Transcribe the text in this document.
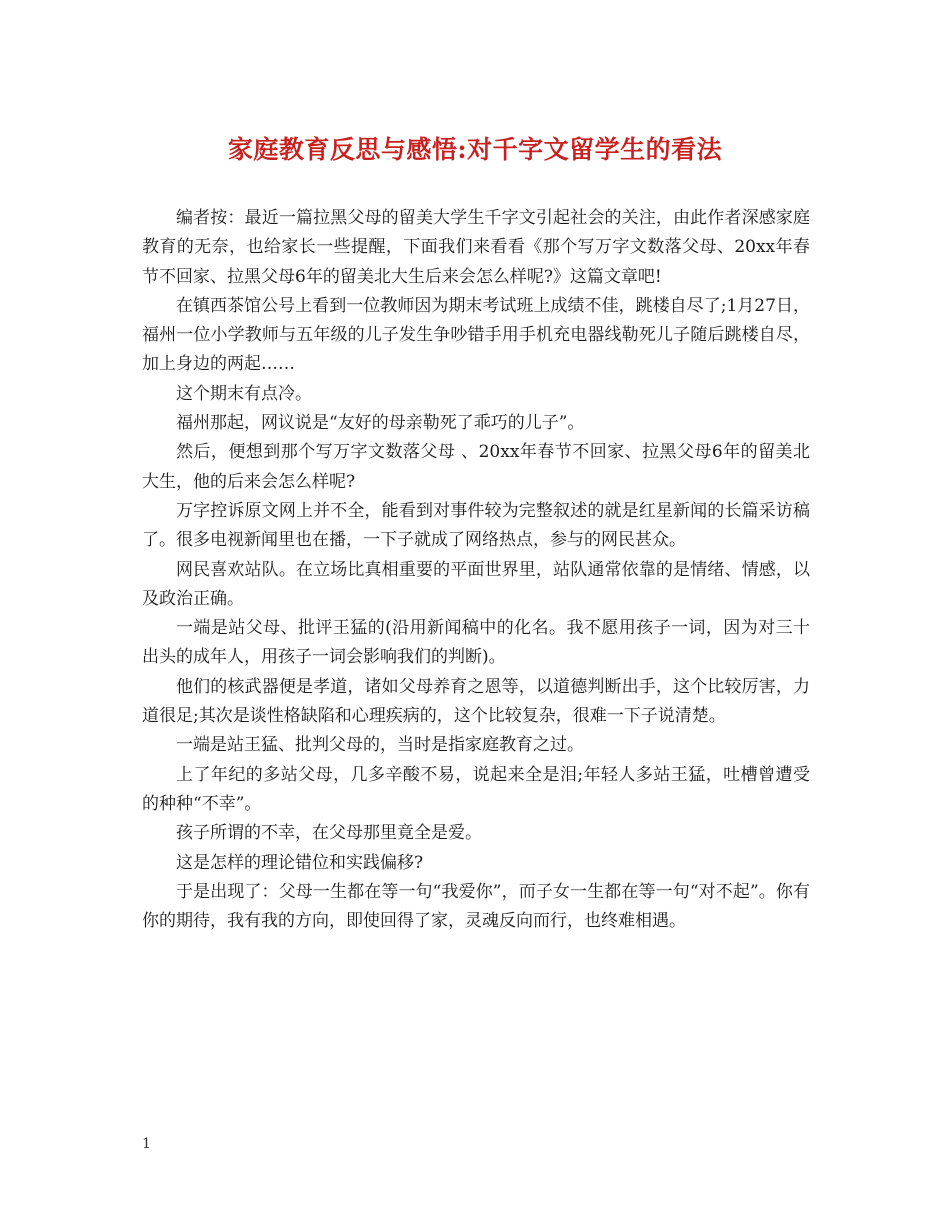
家庭教育反思与感悟:对千字文留学生的看法

编者按：最近一篇拉黑父母的留美大学生千字文引起社会的关注，由此作者深感家庭教育的无奈，也给家长一些提醒，下面我们来看看《那个写万字文数落父母、20xx年春节不回家、拉黑父母6年的留美北大生后来会怎么样呢?》这篇文章吧!

在镇西茶馆公号上看到一位教师因为期末考试班上成绩不佳，跳楼自尽了;1月27日，福州一位小学教师与五年级的儿子发生争吵错手用手机充电器线勒死儿子随后跳楼自尽，加上身边的两起……

这个期末有点冷。

福州那起，网议说是“友好的母亲勒死了乖巧的儿子”。

然后，便想到那个写万字文数落父母 、20xx年春节不回家、拉黑父母6年的留美北大生，他的后来会怎么样呢?

万字控诉原文网上并不全，能看到对事件较为完整叙述的就是红星新闻的长篇采访稿了。很多电视新闻里也在播，一下子就成了网络热点，参与的网民甚众。

网民喜欢站队。在立场比真相重要的平面世界里，站队通常依靠的是情绪、情感，以及政治正确。

一端是站父母、批评王猛的(沿用新闻稿中的化名。我不愿用孩子一词，因为对三十出头的成年人，用孩子一词会影响我们的判断)。

他们的核武器便是孝道，诸如父母养育之恩等，以道德判断出手，这个比较厉害，力道很足;其次是谈性格缺陷和心理疾病的，这个比较复杂，很难一下子说清楚。

一端是站王猛、批判父母的，当时是指家庭教育之过。

上了年纪的多站父母，几多辛酸不易，说起来全是泪;年轻人多站王猛，吐槽曾遭受的种种“不幸”。

孩子所谓的不幸，在父母那里竟全是爱。

这是怎样的理论错位和实践偏移?

于是出现了：父母一生都在等一句“我爱你”，而子女一生都在等一句“对不起”。你有你的期待，我有我的方向，即使回得了家，灵魂反向而行，也终难相遇。

1
